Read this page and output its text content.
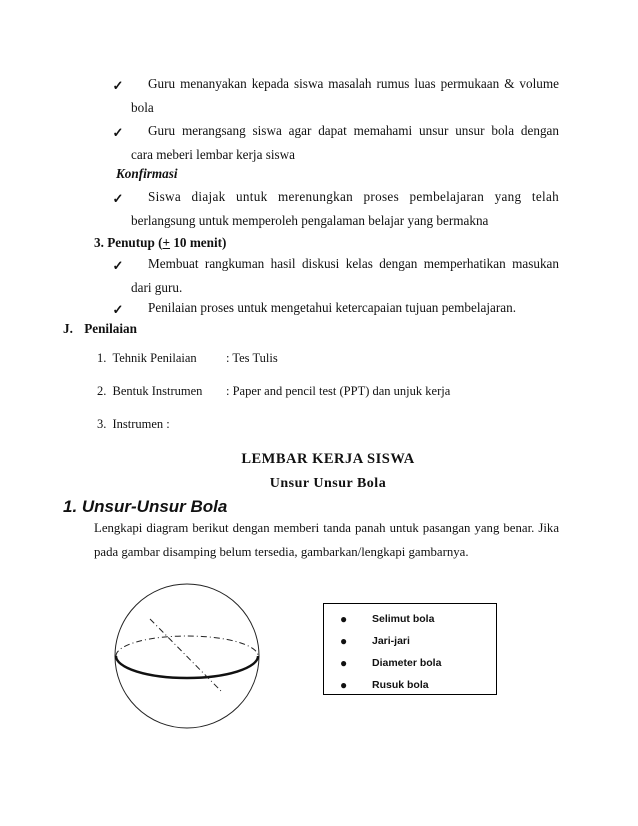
✓ Guru menanyakan kepada siswa masalah rumus luas permukaan & volume
bola
✓ Guru merangsang siswa agar dapat memahami unsur unsur bola dengan
cara meberi lembar kerja siswa
Konfirmasi
✓ Siswa diajak untuk merenungkan proses pembelajaran yang telah
berlangsung untuk memperoleh pengalaman belajar yang bermakna
3. Penutup (+ 10 menit)
✓ Membuat rangkuman hasil diskusi kelas dengan memperhatikan masukan
dari guru.
✓ Penilaian proses untuk mengetahui ketercapaian tujuan pembelajaran.
J. Penilaian
1. Tehnik Penilaian : Tes Tulis
2. Bentuk Instrumen : Paper and pencil test (PPT) dan unjuk kerja
3. Instrumen :
LEMBAR KERJA SISWA
Unsur Unsur Bola
1. Unsur-Unsur Bola
Lengkapi diagram berikut dengan memberi tanda panah untuk pasangan yang benar. Jika
pada gambar disamping belum tersedia, gambarkan/lengkapi gambarnya.
● Selimut bola
● Jari-jari
● Diameter bola
● Rusuk bola
